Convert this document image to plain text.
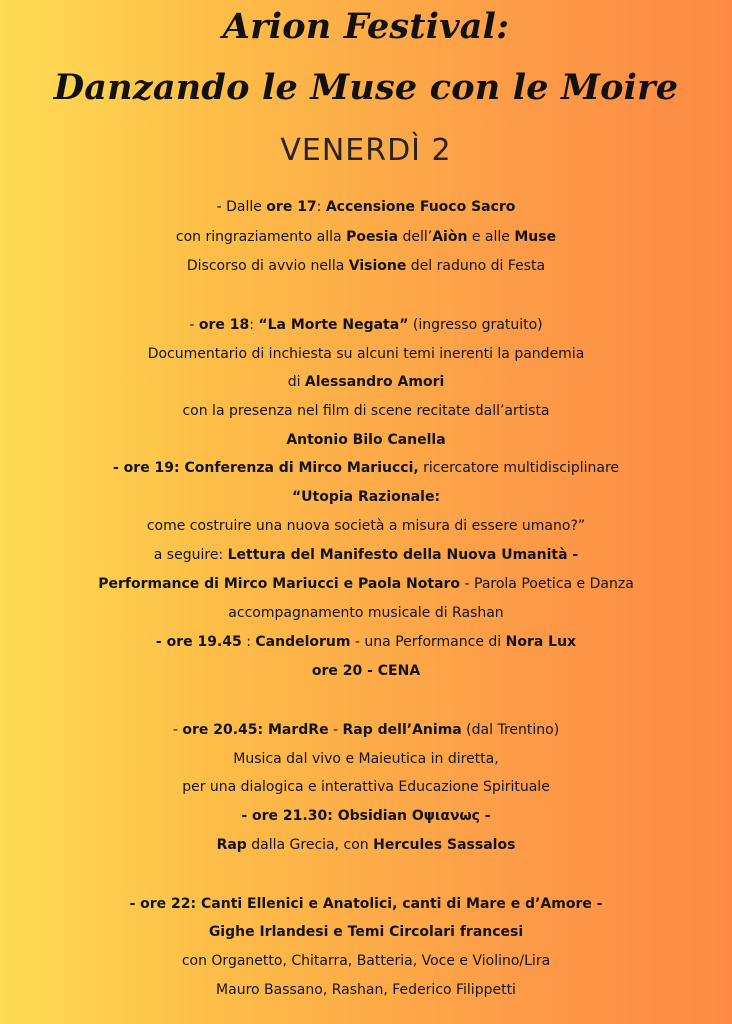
Arion Festival:
Danzando le Muse con le Moire
VENERDÌ 2
- Dalle ore 17: Accensione Fuoco Sacro
con ringraziamento alla Poesia dell’Aiòn e alle Muse
Discorso di avvio nella Visione del raduno di Festa
- ore 18: “La Morte Negata” (ingresso gratuito)
Documentario di inchiesta su alcuni temi inerenti la pandemia
di Alessandro Amori
con la presenza nel film di scene recitate dall’artista
Antonio Bilo Canella
- ore 19: Conferenza di Mirco Mariucci, ricercatore multidisciplinare
“Utopia Razionale:
come costruire una nuova società a misura di essere umano?”
a seguire: Lettura del Manifesto della Nuova Umanità -
Performance di Mirco Mariucci e Paola Notaro - Parola Poetica e Danza
accompagnamento musicale di Rashan
- ore 19.45 : Candelorum - una Performance di Nora Lux
ore 20 - CENA
- ore 20.45: MardRe - Rap dell’Anima (dal Trentino)
Musica dal vivo e Maieutica in diretta,
per una dialogica e interattiva Educazione Spirituale
- ore 21.30: Obsidian Οψιανως -
Rap dalla Grecia, con Hercules Sassalos
- ore 22: Canti Ellenici e Anatolici, canti di Mare e d’Amore -
Gighe Irlandesi e Temi Circolari francesi
con Organetto, Chitarra, Batteria, Voce e Violino/Lira
Mauro Bassano, Rashan, Federico Filippetti
